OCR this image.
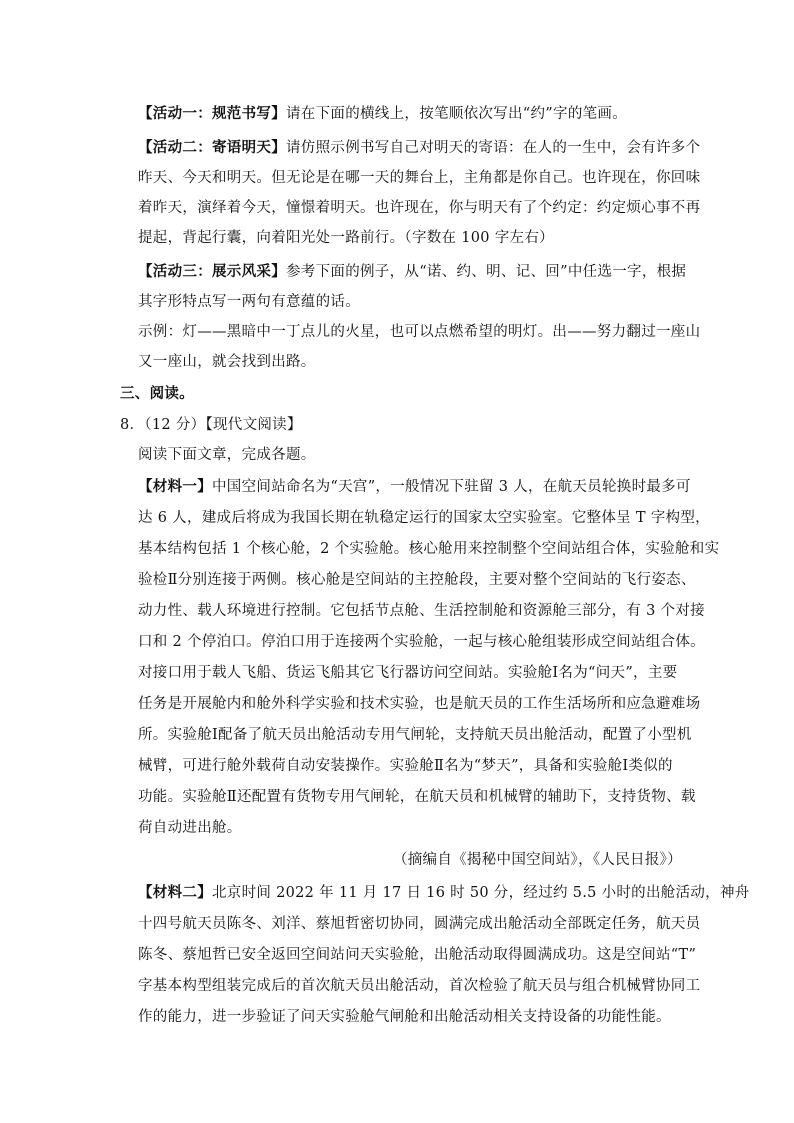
【活动一：规范书写】请在下面的横线上，按笔顺依次写出“约”字的笔画。
【活动二：寄语明天】请仿照示例书写自己对明天的寄语：在人的一生中，会有许多个
昨天、今天和明天。但无论是在哪一天的舞台上，主角都是你自己。也许现在，你回味
着昨天，演绎着今天，憧憬着明天。也许现在，你与明天有了个约定：约定烦心事不再
提起，背起行囊，向着阳光处一路前行。（字数在 100 字左右）
【活动三：展示风采】参考下面的例子，从“诺、约、明、记、回”中任选一字，根据
其字形特点写一两句有意蕴的话。
示例：灯——黑暗中一丁点儿的火星，也可以点燃希望的明灯。出——努力翻过一座山
又一座山，就会找到出路。
三、阅读。
8．（12 分）【现代文阅读】
阅读下面文章，完成各题。
【材料一】中国空间站命名为“天宫”，一般情况下驻留 3 人，在航天员轮换时最多可
达 6 人，建成后将成为我国长期在轨稳定运行的国家太空实验室。它整体呈 T 字构型，
基本结构包括 1 个核心舱，2 个实验舱。核心舱用来控制整个空间站组合体，实验舱和实
验检Ⅱ分别连接于两侧。核心舱是空间站的主控舱段，主要对整个空间站的飞行姿态、
动力性、载人环境进行控制。它包括节点舱、生活控制舱和资源舱三部分，有 3 个对接
口和 2 个停泊口。停泊口用于连接两个实验舱，一起与核心舱组装形成空间站组合体。
对接口用于载人飞船、货运飞船其它飞行器访问空间站。实验舱Ⅰ名为“问天”，主要
任务是开展舱内和舱外科学实验和技术实验，也是航天员的工作生活场所和应急避难场
所。实验舱Ⅰ配备了航天员出舱活动专用气闸轮，支持航天员出舱活动，配置了小型机
械臂，可进行舱外载荷自动安装操作。实验舱Ⅱ名为“梦天”，具备和实验舱Ⅰ类似的
功能。实验舱Ⅱ还配置有货物专用气闸轮，在航天员和机械臂的辅助下，支持货物、载
荷自动进出舱。
（摘编自《揭秘中国空间站》，《人民日报》）
【材料二】北京时间 2022 年 11 月 17 日 16 时 50 分，经过约 5.5 小时的出舱活动，神舟
十四号航天员陈冬、刘洋、蔡旭哲密切协同，圆满完成出舱活动全部既定任务，航天员
陈冬、蔡旭哲已安全返回空间站问天实验舱，出舱活动取得圆满成功。这是空间站“T”
字基本构型组装完成后的首次航天员出舱活动，首次检验了航天员与组合机械臂协同工
作的能力，进一步验证了问天实验舱气闸舱和出舱活动相关支持设备的功能性能。
